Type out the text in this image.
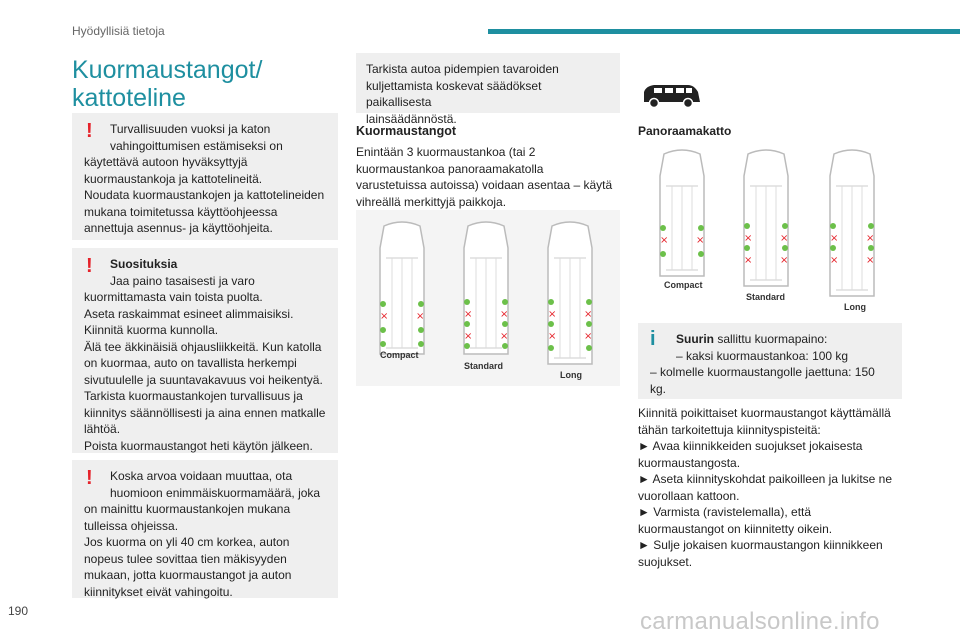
Hyödyllisiä tietoja
Kuormaustangot/
kattoteline
!	Turvallisuuden vuoksi ja katon
vahingoittumisen estämiseksi on
käytettävä autoon hyväksyttyjä
kuormaustankoja ja kattotelineitä.
Noudata kuormaustankojen ja kattotelineiden
mukana toimitetussa käyttöohjeessa
annettuja asennus- ja käyttöohjeita.
!	Suosituksia
Jaa paino tasaisesti ja varo
kuormittamasta vain toista puolta.
Aseta raskaimmat esineet alimmaisiksi.
Kiinnitä kuorma kunnolla.
Älä tee äkkinäisiä ohjausliikkeitä. Kun katolla
on kuormaa, auto on tavallista herkempi
sivutuulelle ja suuntavakavuus voi heikentyä.
Tarkista kuormaustankojen turvallisuus ja
kiinnitys säännöllisesti ja aina ennen matkalle
lähtöä.
Poista kuormaustangot heti käytön jälkeen.
!	Koska arvoa voidaan muuttaa, ota
huomioon enimmäiskuormamäärä, joka
on mainittu kuormaustankojen mukana
tulleissa ohjeissa.
Jos kuorma on yli 40 cm korkea, auton
nopeus tulee sovittaa tien mäkisyyden
mukaan, jotta kuormaustangot ja auton
kiinnitykset eivät vahingoitu.
Tarkista autoa pidempien tavaroiden
kuljettamista koskevat säädökset paikallisesta
lainsäädännöstä.
Kuormaustangot
Enintään 3 kuormaustankoa (tai 2
kuormaustankoa panoraamakatolla
varustetuissa autoissa) voidaan asentaa – käytä
vihreällä merkittyjä paikkoja.
×	×
Compact
×	×
×	×
Standard
×	×
×	×
Long
Panoraamakatto
×	×
Compact
×	×
×	×
Standard
×	×
×	×
Long
i	Suurin sallittu kuormapaino:
– kaksi kuormaustankoa: 100 kg
– kolmelle kuormaustangolle jaettuna: 150
kg.
Kiinnitä poikittaiset kuormaustangot käyttämällä
tähän tarkoitettuja kiinnityspisteitä:
► Avaa kiinnikkeiden suojukset jokaisesta
kuormaustangosta.
► Aseta kiinnityskohdat paikoilleen ja lukitse ne
vuorollaan kattoon.
► Varmista (ravistelemalla), että
kuormaustangot on kiinnitetty oikein.
► Sulje jokaisen kuormaustangon kiinnikkeen
suojukset.
190	carmanualsonline.info
